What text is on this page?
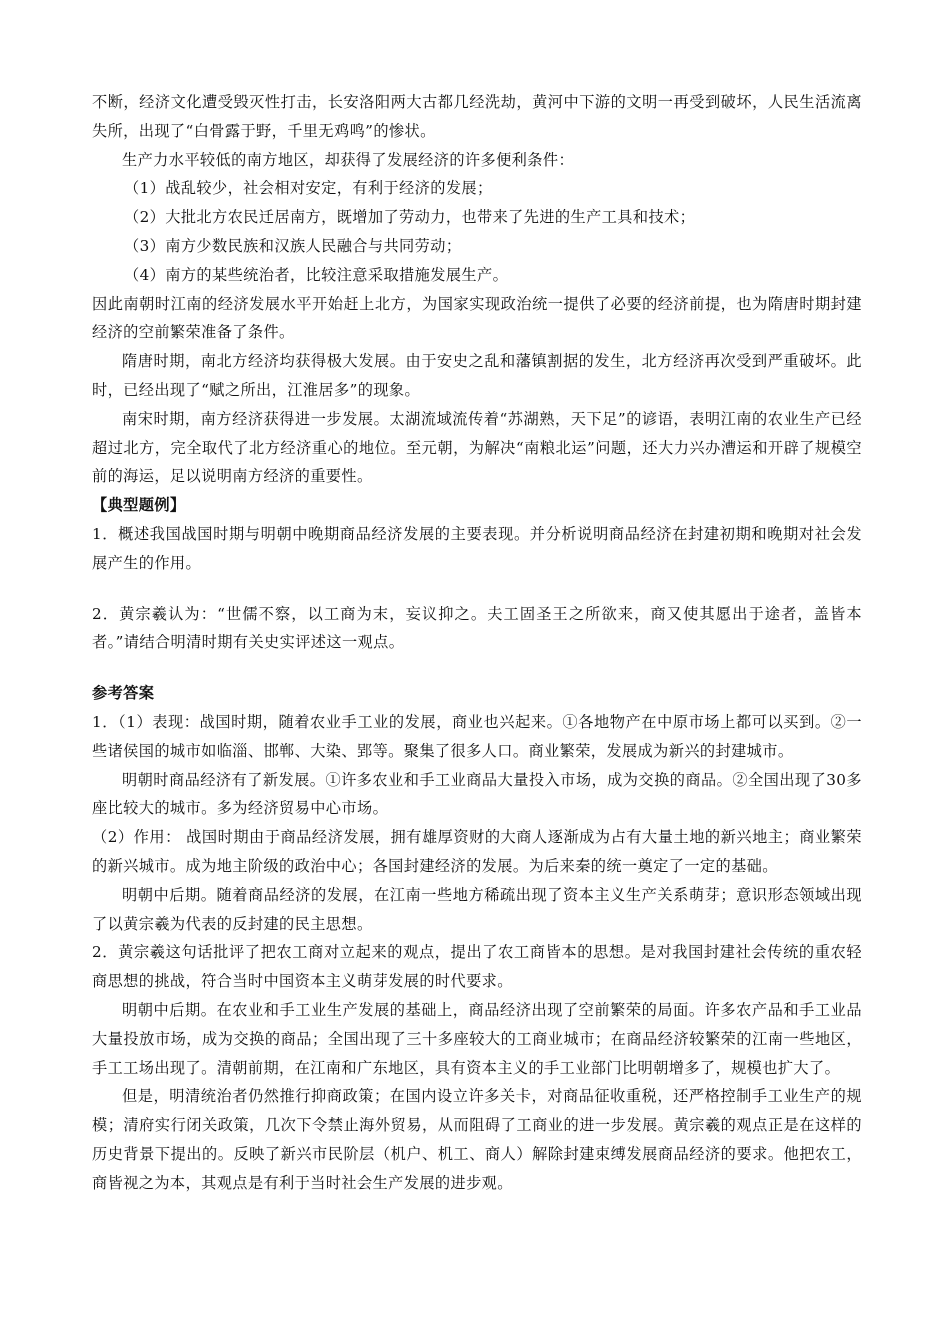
不断，经济文化遭受毁灭性打击，长安洛阳两大古都几经洗劫，黄河中下游的文明一再受到破坏，人民生活流离失所，出现了“白骨露于野，千里无鸡鸣”的惨状。

生产力水平较低的南方地区，却获得了发展经济的许多便利条件：

（1）战乱较少，社会相对安定，有利于经济的发展；

（2）大批北方农民迁居南方，既增加了劳动力，也带来了先进的生产工具和技术；

（3）南方少数民族和汉族人民融合与共同劳动；

（4）南方的某些统治者，比较注意采取措施发展生产。

因此南朝时江南的经济发展水平开始赶上北方，为国家实现政治统一提供了必要的经济前提，也为隋唐时期封建经济的空前繁荣准备了条件。

隋唐时期，南北方经济均获得极大发展。由于安史之乱和藩镇割据的发生，北方经济再次受到严重破坏。此时，已经出现了“赋之所出，江淮居多”的现象。

南宋时期，南方经济获得进一步发展。太湖流域流传着“苏湖熟，天下足”的谚语，表明江南的农业生产已经超过北方，完全取代了北方经济重心的地位。至元朝，为解决“南粮北运”问题，还大力兴办漕运和开辟了规模空前的海运，足以说明南方经济的重要性。

【典型题例】

1．概述我国战国时期与明朝中晚期商品经济发展的主要表现。并分析说明商品经济在封建初期和晚期对社会发展产生的作用。

2．黄宗羲认为：“世儒不察，以工商为末，妄议抑之。夫工固圣王之所欲来，商又使其愿出于途者，盖皆本者。”请结合明清时期有关史实评述这一观点。

参考答案

1．（1）表现：战国时期，随着农业手工业的发展，商业也兴起来。①各地物产在中原市场上都可以买到。②一些诸侯国的城市如临淄、邯郸、大染、郢等。聚集了很多人口。商业繁荣，发展成为新兴的封建城市。

明朝时商品经济有了新发展。①许多农业和手工业商品大量投入市场，成为交换的商品。②全国出现了30多座比较大的城市。多为经济贸易中心市场。

（2）作用： 战国时期由于商品经济发展，拥有雄厚资财的大商人逐渐成为占有大量土地的新兴地主；商业繁荣的新兴城市。成为地主阶级的政治中心；各国封建经济的发展。为后来秦的统一奠定了一定的基础。

明朝中后期。随着商品经济的发展，在江南一些地方稀疏出现了资本主义生产关系萌芽；意识形态领域出现了以黄宗羲为代表的反封建的民主思想。

2．黄宗羲这句话批评了把农工商对立起来的观点，提出了农工商皆本的思想。是对我国封建社会传统的重农轻商思想的挑战，符合当时中国资本主义萌芽发展的时代要求。

明朝中后期。在农业和手工业生产发展的基础上，商品经济出现了空前繁荣的局面。许多农产品和手工业品大量投放市场，成为交换的商品；全国出现了三十多座较大的工商业城市；在商品经济较繁荣的江南一些地区，手工工场出现了。清朝前期，在江南和广东地区，具有资本主义的手工业部门比明朝增多了，规模也扩大了。

但是，明清统治者仍然推行抑商政策；在国内设立许多关卡，对商品征收重税，还严格控制手工业生产的规模；清府实行闭关政策，几次下令禁止海外贸易，从而阻碍了工商业的进一步发展。黄宗羲的观点正是在这样的历史背景下提出的。反映了新兴市民阶层（机户、机工、商人）解除封建束缚发展商品经济的要求。他把农工，商皆视之为本，其观点是有利于当时社会生产发展的进步观。
